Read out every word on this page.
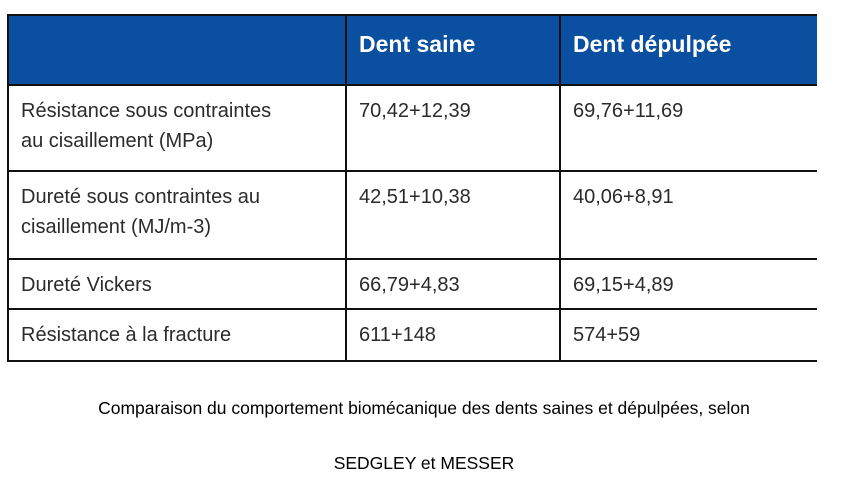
	Dent saine	Dent dépulpée

Résistance sous contraintes
au cisaillement (MPa)	70,42+12,39	69,76+11,69

Dureté sous contraintes au
cisaillement (MJ/m-3)	42,51+10,38	40,06+8,91
Dureté Vickers	66,79+4,83	69,15+4,89
Résistance à la fracture	611+148	574+59
Comparaison du comportement biomécanique des dents saines et dépulpées, selon
SEDGLEY et MESSER
